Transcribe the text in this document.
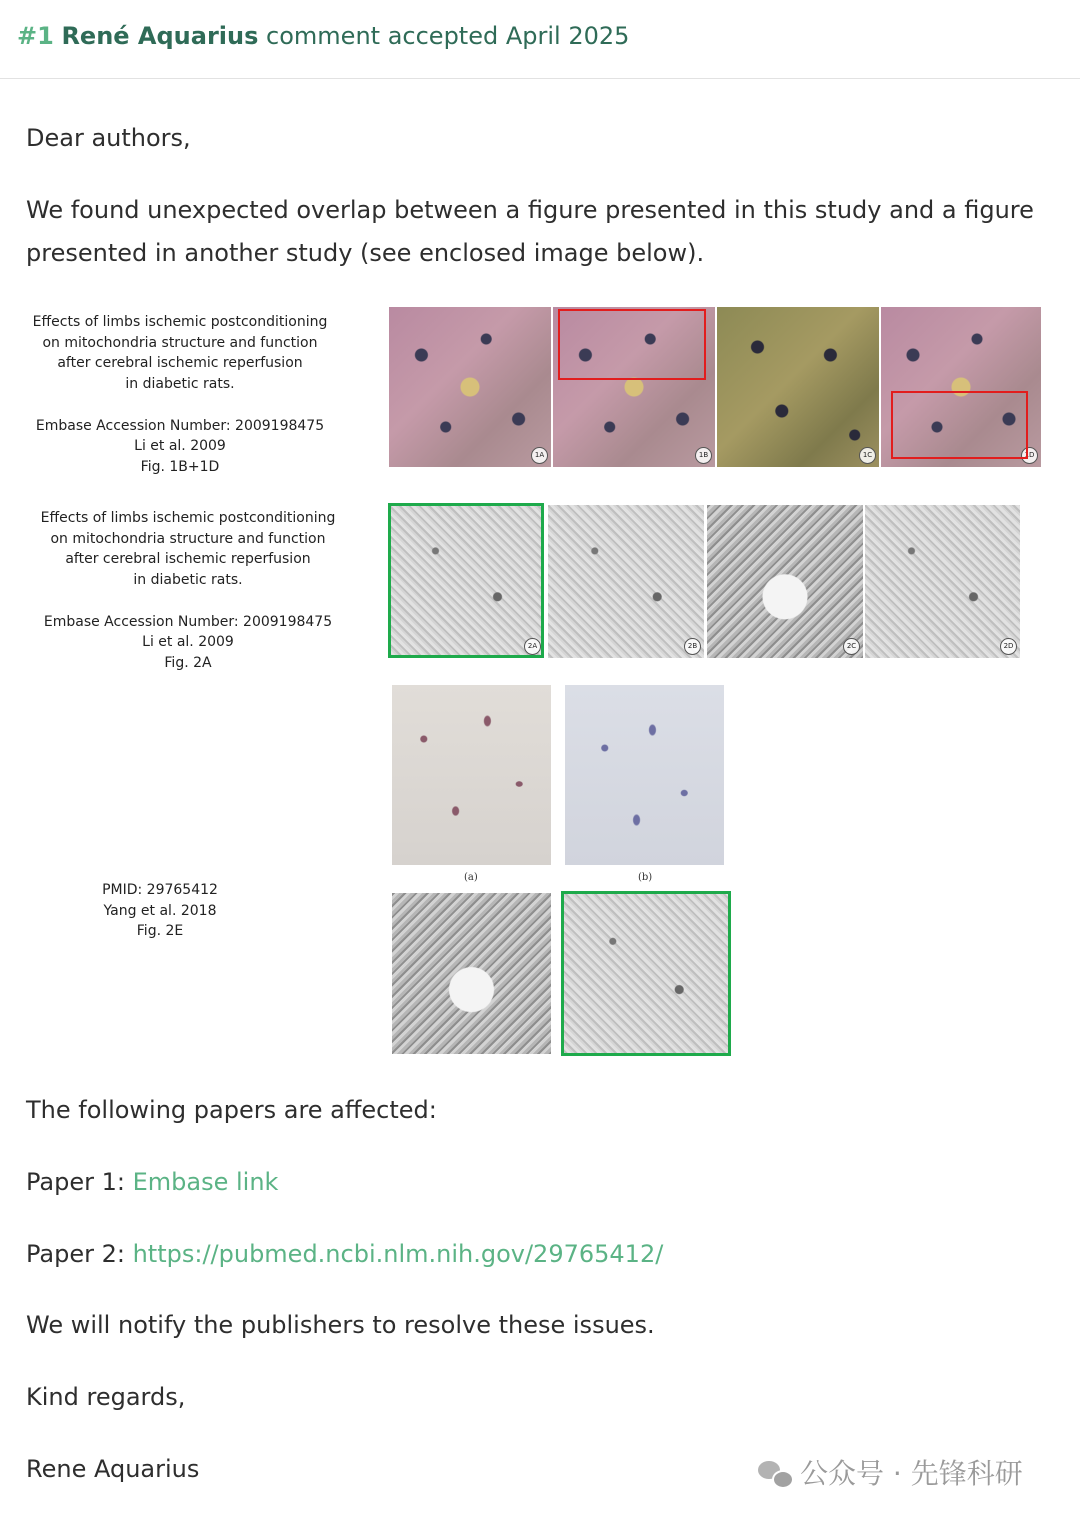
#1 René Aquarius comment accepted April 2025
Dear authors,
We found unexpected overlap between a figure presented in this study and a figure
presented in another study (see enclosed image below).
Effects of limbs ischemic postconditioning
on mitochondria structure and function
after cerebral ischemic reperfusion
in diabetic rats.
Embase Accession Number: 2009198475
Li et al. 2009
Fig. 1B+1D
Effects of limbs ischemic postconditioning
on mitochondria structure and function
after cerebral ischemic reperfusion
in diabetic rats.
Embase Accession Number: 2009198475
Li et al. 2009
Fig. 2A
PMID: 29765412
Yang et al. 2018
Fig. 2E
1A	1B	1C	1D
2A	2B	2C	2D
(a)	(b)
The following papers are affected:
Paper 1: Embase link
Paper 2: https://pubmed.ncbi.nlm.nih.gov/29765412/
We will notify the publishers to resolve these issues.
Kind regards,
Rene Aquarius	公众号 · 先锋科研
